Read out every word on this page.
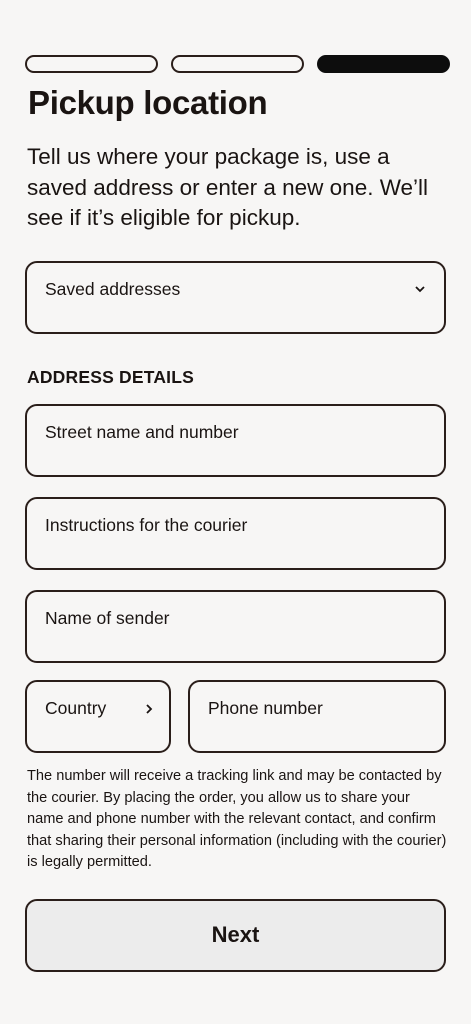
Pickup location

Tell us where your package is, use a saved address or enter a new one. We’ll see if it’s eligible for pickup.

Saved addresses
ADDRESS DETAILS
Street name and number
Instructions for the courier
Name of sender
Country	Phone number

The number will receive a tracking link and may be contacted by the courier. By placing the order, you allow us to share your name and phone number with the relevant contact, and confirm that sharing their personal information (including with the courier) is legally permitted.

Next
